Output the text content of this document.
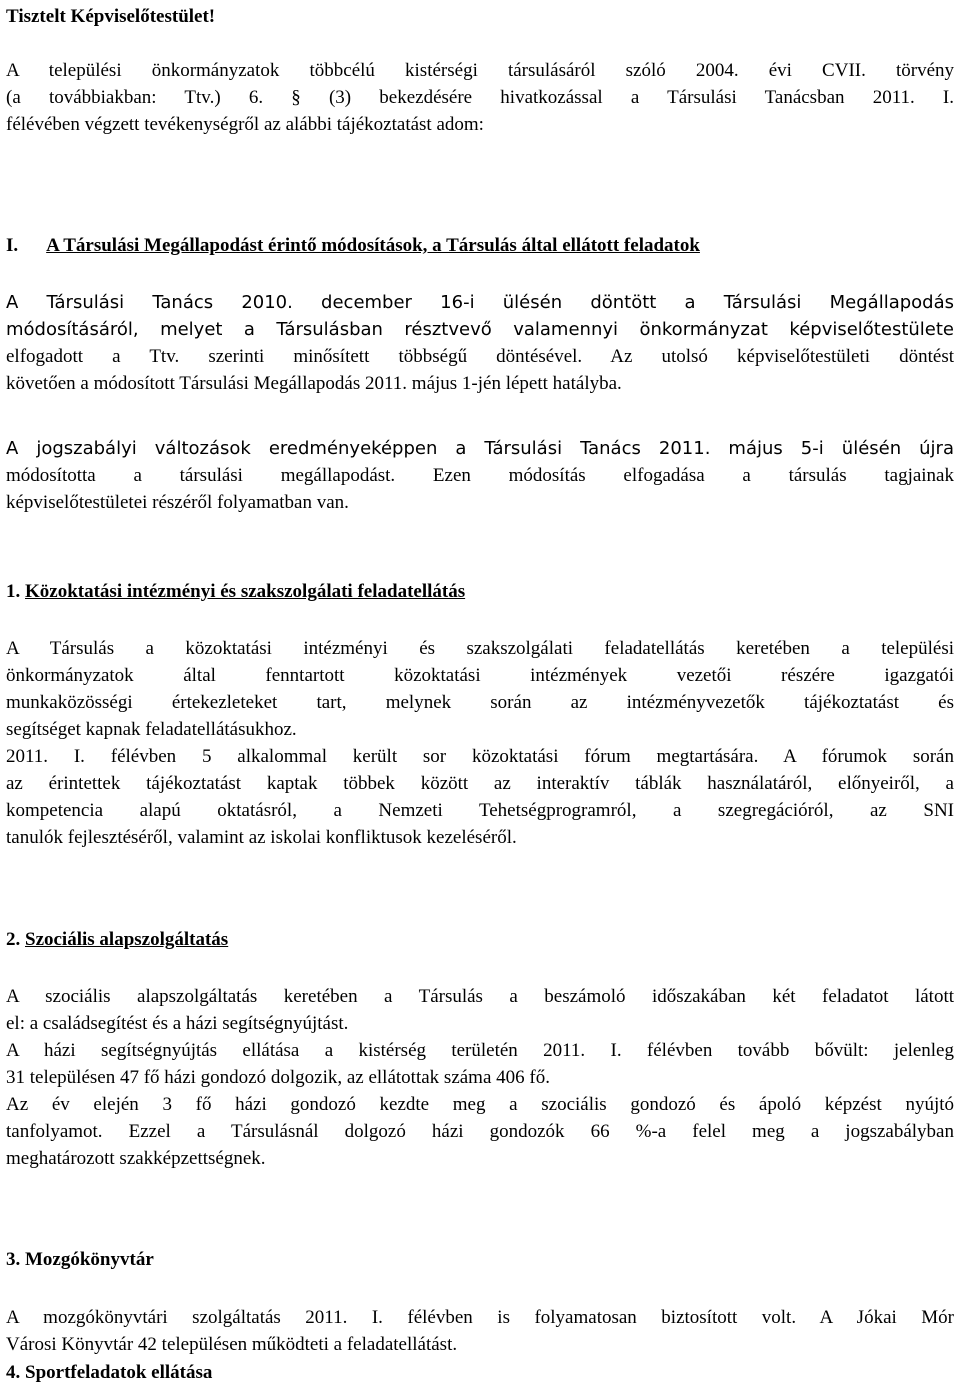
Tisztelt Képviselőtestület!
A települési önkormányzatok többcélú kistérségi társulásáról szóló 2004. évi CVII. törvény
(a továbbiakban: Ttv.) 6. § (3) bekezdésére hivatkozással a Társulási Tanácsban 2011. I.
félévében végzett tevékenységről az alábbi tájékoztatást adom:
I. A Társulási Megállapodást érintő módosítások, a Társulás által ellátott feladatok
A Társulási Tanács 2010. december 16-i ülésén döntött a Társulási Megállapodás
módosításáról, melyet a Társulásban résztvevő valamennyi önkormányzat képviselőtestülete
elfogadott a Ttv. szerinti minősített többségű döntésével. Az utolsó képviselőtestületi döntést
követően a módosított Társulási Megállapodás 2011. május 1-jén lépett hatályba.
A jogszabályi változások eredményeképpen a Társulási Tanács 2011. május 5-i ülésén újra
módosította a társulási megállapodást. Ezen módosítás elfogadása a társulás tagjainak
képviselőtestületei részéről folyamatban van.
1. Közoktatási intézményi és szakszolgálati feladatellátás
A Társulás a közoktatási intézményi és szakszolgálati feladatellátás keretében a települési
önkormányzatok által fenntartott közoktatási intézmények vezetői részére igazgatói
munkaközösségi értekezleteket tart, melynek során az intézményvezetők tájékoztatást és
segítséget kapnak feladatellátásukhoz.
2011. I. félévben 5 alkalommal került sor közoktatási fórum megtartására. A fórumok során
az érintettek tájékoztatást kaptak többek között az interaktív táblák használatáról, előnyeiről, a
kompetencia alapú oktatásról, a Nemzeti Tehetségprogramról, a szegregációról, az SNI
tanulók fejlesztéséről, valamint az iskolai konfliktusok kezeléséről.
2. Szociális alapszolgáltatás
A szociális alapszolgáltatás keretében a Társulás a beszámoló időszakában két feladatot látott
el: a családsegítést és a házi segítségnyújtást.
A házi segítségnyújtás ellátása a kistérség területén 2011. I. félévben tovább bővült: jelenleg
31 településen 47 fő házi gondozó dolgozik, az ellátottak száma 406 fő.
Az év elején 3 fő házi gondozó kezdte meg a szociális gondozó és ápoló képzést nyújtó
tanfolyamot. Ezzel a Társulásnál dolgozó házi gondozók 66 %-a felel meg a jogszabályban
meghatározott szakképzettségnek.
3. Mozgókönyvtár
A mozgókönyvtári szolgáltatás 2011. I. félévben is folyamatosan biztosított volt. A Jókai Mór
Városi Könyvtár 42 településen működteti a feladatellátást.
4. Sportfeladatok ellátása
